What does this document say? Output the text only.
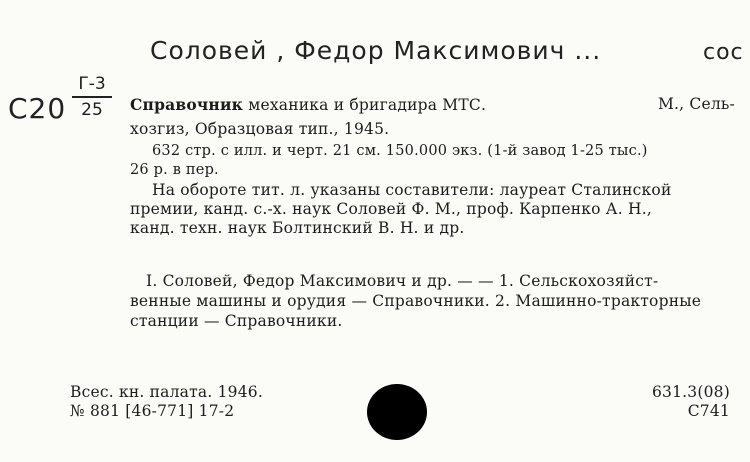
Соловей , Федор Максимович ...	сос
С20
Г-3
25	Справочник механика и бригадира МТС.	М., Сель-
хозгиз, Образцовая тип., 1945.
632 стр. с илл. и черт. 21 см. 150.000 экз. (1-й завод 1-25 тыс.)
26 р. в пер.
На обороте тит. л. указаны составители: лауреат Сталинской
премии, канд. с.-х. наук Соловей Ф. М., проф. Карпенко А. Н.,
канд. техн. наук Болтинский В. Н. и др.
I. Соловей, Федор Максимович и др. — — 1. Сельскохозяйст-
венные машины и орудия — Справочники. 2. Машинно-тракторные
станции — Справочники.
Всес. кн. палата. 1946.
№ 881 [46-771] 17-2
631.3(08)
С741
